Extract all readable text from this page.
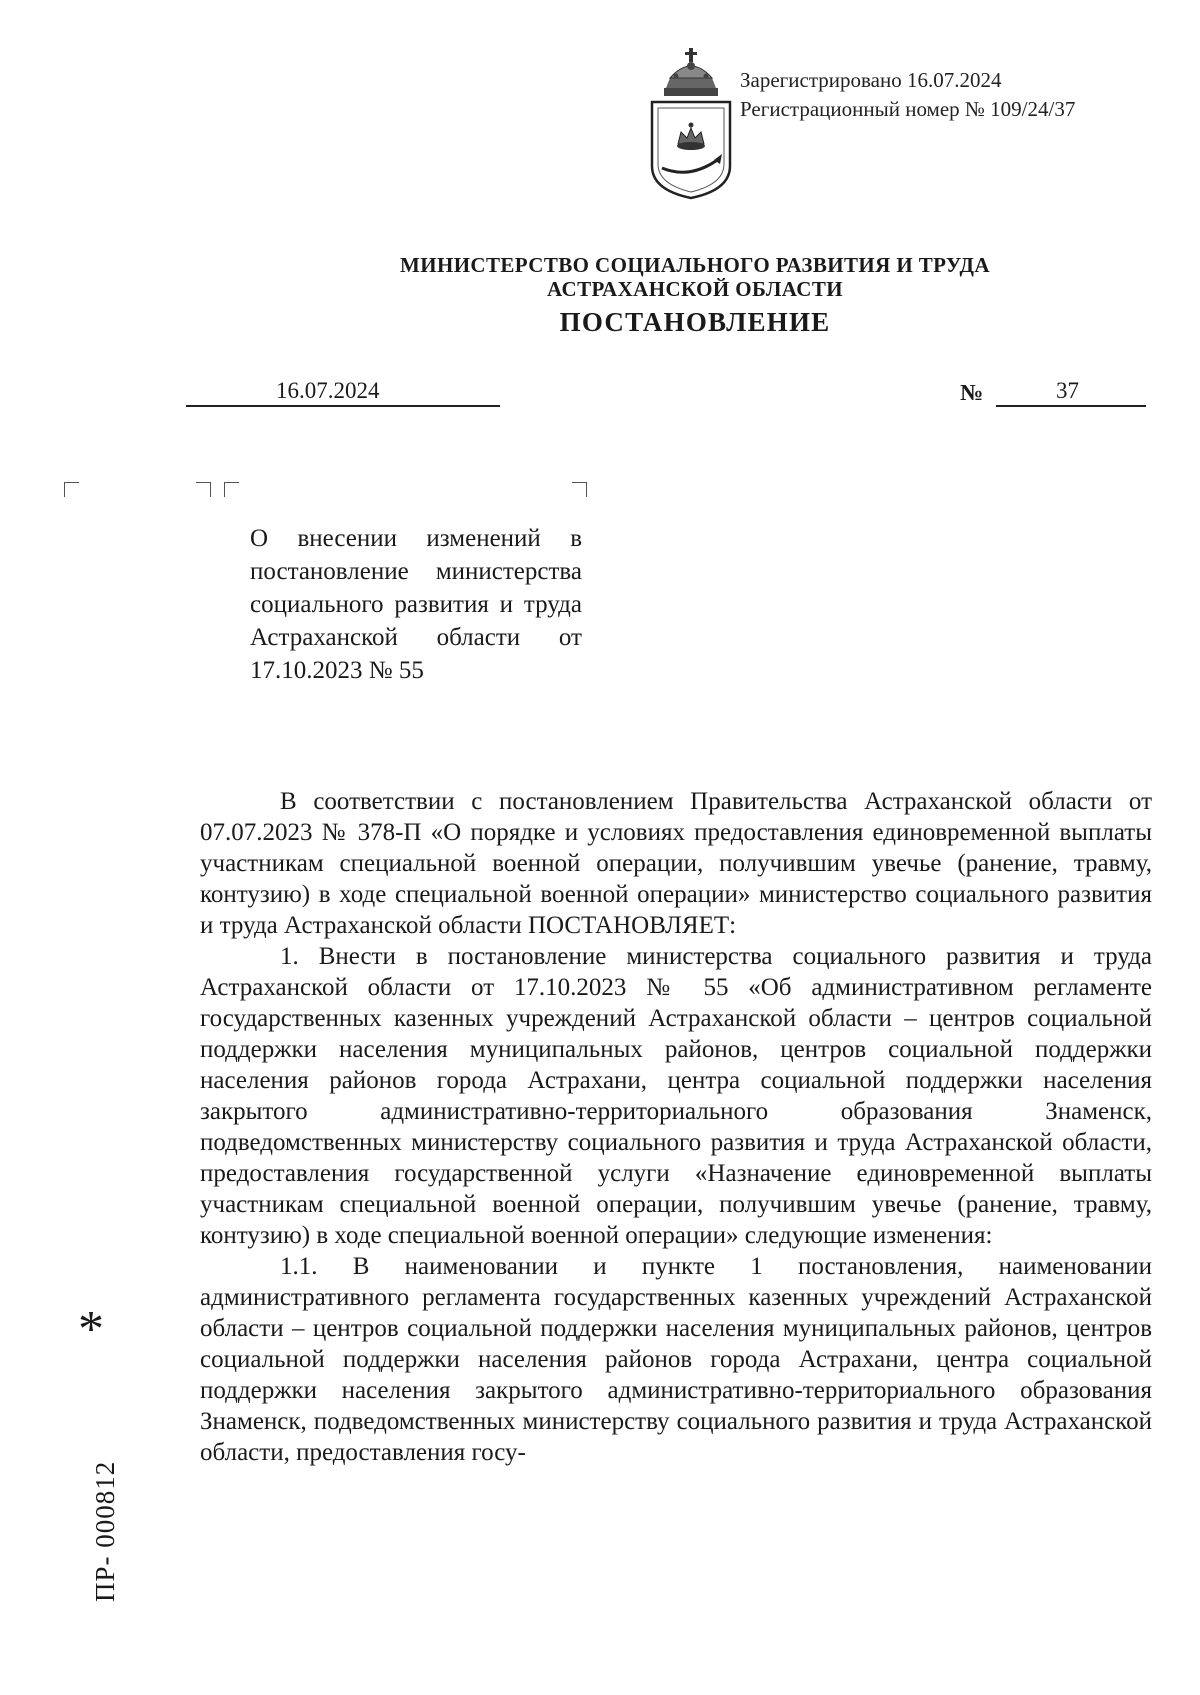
Зарегистрировано 16.07.2024
Регистрационный номер № 109/24/37
МИНИСТЕРСТВО СОЦИАЛЬНОГО РАЗВИТИЯ И ТРУДА
АСТРАХАНСКОЙ ОБЛАСТИ
ПОСТАНОВЛЕНИЕ
16.07.2024	№	37
О внесении изменений в постановление министерства социального развития и труда Астраханской области от 17.10.2023 № 55

В соответствии с постановлением Правительства Астраханской области от 07.07.2023 № 378-П «О порядке и условиях предоставления единовременной выплаты участникам специальной военной операции, получившим увечье (ранение, травму, контузию) в ходе специальной военной операции» министерство социального развития и труда Астраханской области ПОСТАНОВЛЯЕТ:

1. Внести в постановление министерства социального развития и труда Астраханской области от 17.10.2023 № 55 «Об административном регламенте государственных казенных учреждений Астраханской области – центров социальной поддержки населения муниципальных районов, центров социальной поддержки населения районов города Астрахани, центра социальной поддержки населения закрытого административно-территориального образования Знаменск, подведомственных министерству социального развития и труда Астраханской области, предоставления государственной услуги «Назначение единовременной выплаты участникам специальной военной операции, получившим увечье (ранение, травму, контузию) в ходе специальной военной операции» следующие изменения:

1.1. В наименовании и пункте 1 постановления, наименовании административного регламента государственных казенных учреждений Астраханской области – центров социальной поддержки населения муниципальных районов, центров социальной поддержки населения районов города Астрахани, центра социальной поддержки населения закрытого административно-территориального образования Знаменск, подведомственных министерству социального развития и труда Астраханской области, предоставления госу-

*
ПР- 000812
